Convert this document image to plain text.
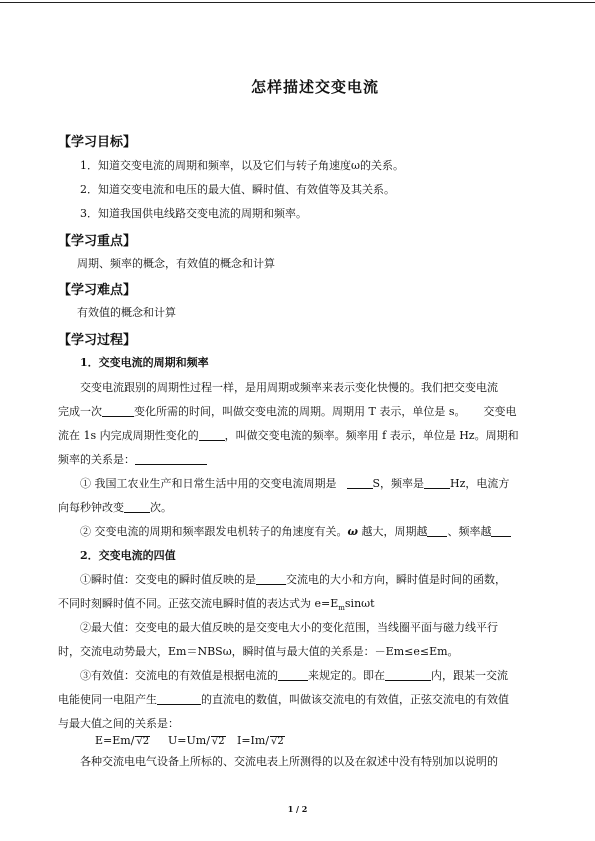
怎样描述交变电流
【学习目标】
1．知道交变电流的周期和频率，以及它们与转子角速度ω的关系。
2．知道交变电流和电压的最大值、瞬时值、有效值等及其关系。
3．知道我国供电线路交变电流的周期和频率。
【学习重点】
周期、频率的概念，有效值的概念和计算
【学习难点】
有效值的概念和计算
【学习过程】
1．交变电流的周期和频率
交变电流跟别的周期性过程一样，是用周期或频率来表示变化快慢的。我们把交变电流
完成一次	变化所需的时间，叫做交变电流的周期。周期用 T 表示，单位是 s。 交变电
流在 1s 内完成周期性变化的 ，叫做交变电流的频率。频率用 f 表示，单位是 Hz。周期和
频率的关系是：
① 我国工农业生产和日常生活中用的交变电流周期是	S，频率是 Hz，电流方
向每秒钟改变 次。
② 交变电流的周期和频率跟发电机转子的角速度有关。ω 越大，周期越 、频率越
2．交变电流的四值
①瞬时值：交变电的瞬时值反映的是	交流电的大小和方向，瞬时值是时间的函数，
不同时刻瞬时值不同。正弦交流电瞬时值的表达式为 $e=E_m\sin\omega t$
②最大值：交变电的最大值反映的是交变电大小的变化范围，当线圈平面与磁力线平行
时，交流电动势最大，Em＝NBSω，瞬时值与最大值的关系是：－Em≤e≤Em。
③有效值：交流电的有效值是根据电流的	来规定的。即在	内，跟某一交流
电能使同一电阻产生	的直流电的数值，叫做该交流电的有效值，正弦交流电的有效值
与最大值之间的关系是：
E=Em/ √2 U=Um/ √2 I=Im/ √2
各种交流电电气设备上所标的、交流电表上所测得的以及在叙述中没有特别加以说明的
1 / 2
